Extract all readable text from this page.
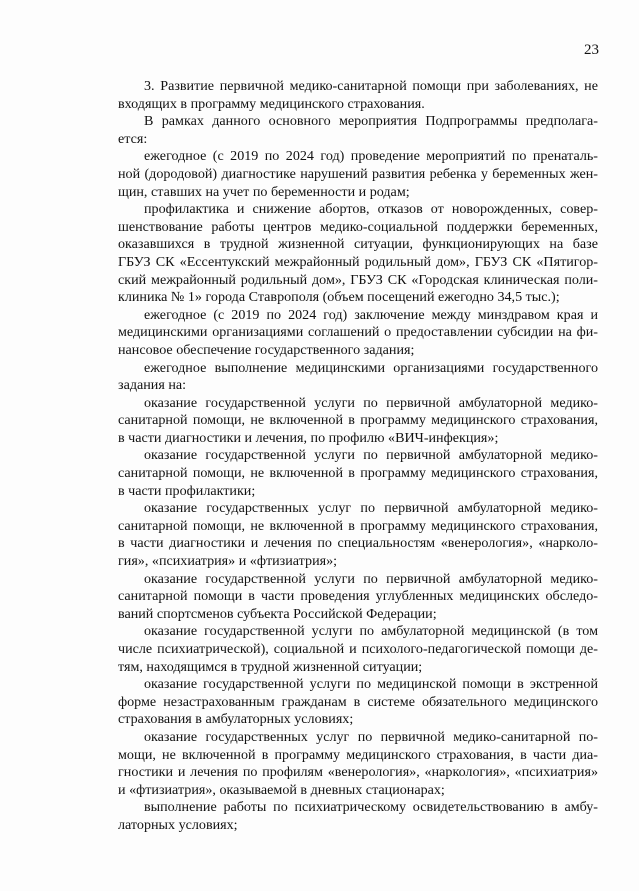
23
3. Развитие первичной медико-санитарной помощи при заболеваниях, не
входящих в программу медицинского страхования.
В рамках данного основного мероприятия Подпрограммы предполага-
ется:
ежегодное (с 2019 по 2024 год) проведение мероприятий по пренаталь-
ной (дородовой) диагностике нарушений развития ребенка у беременных жен-
щин, ставших на учет по беременности и родам;
профилактика и снижение абортов, отказов от новорожденных, совер-
шенствование работы центров медико-социальной поддержки беременных,
оказавшихся в трудной жизненной ситуации, функционирующих на базе
ГБУЗ СК «Ессентукский межрайонный родильный дом», ГБУЗ СК «Пятигор-
ский межрайонный родильный дом», ГБУЗ СК «Городская клиническая поли-
клиника № 1» города Ставрополя (объем посещений ежегодно 34,5 тыс.);
ежегодное (с 2019 по 2024 год) заключение между минздравом края и
медицинскими организациями соглашений о предоставлении субсидии на фи-
нансовое обеспечение государственного задания;
ежегодное выполнение медицинскими организациями государственного
задания на:
оказание государственной услуги по первичной амбулаторной медико-
санитарной помощи, не включенной в программу медицинского страхования,
в части диагностики и лечения, по профилю «ВИЧ-инфекция»;
оказание государственной услуги по первичной амбулаторной медико-
санитарной помощи, не включенной в программу медицинского страхования,
в части профилактики;
оказание государственных услуг по первичной амбулаторной медико-
санитарной помощи, не включенной в программу медицинского страхования,
в части диагностики и лечения по специальностям «венерология», «нарколо-
гия», «психиатрия» и «фтизиатрия»;
оказание государственной услуги по первичной амбулаторной медико-
санитарной помощи в части проведения углубленных медицинских обследо-
ваний спортсменов субъекта Российской Федерации;
оказание государственной услуги по амбулаторной медицинской (в том
числе психиатрической), социальной и психолого-педагогической помощи де-
тям, находящимся в трудной жизненной ситуации;
оказание государственной услуги по медицинской помощи в экстренной
форме незастрахованным гражданам в системе обязательного медицинского
страхования в амбулаторных условиях;
оказание государственных услуг по первичной медико-санитарной по-
мощи, не включенной в программу медицинского страхования, в части диа-
гностики и лечения по профилям «венерология», «наркология», «психиатрия»
и «фтизиатрия», оказываемой в дневных стационарах;
выполнение работы по психиатрическому освидетельствованию в амбу-
латорных условиях;
